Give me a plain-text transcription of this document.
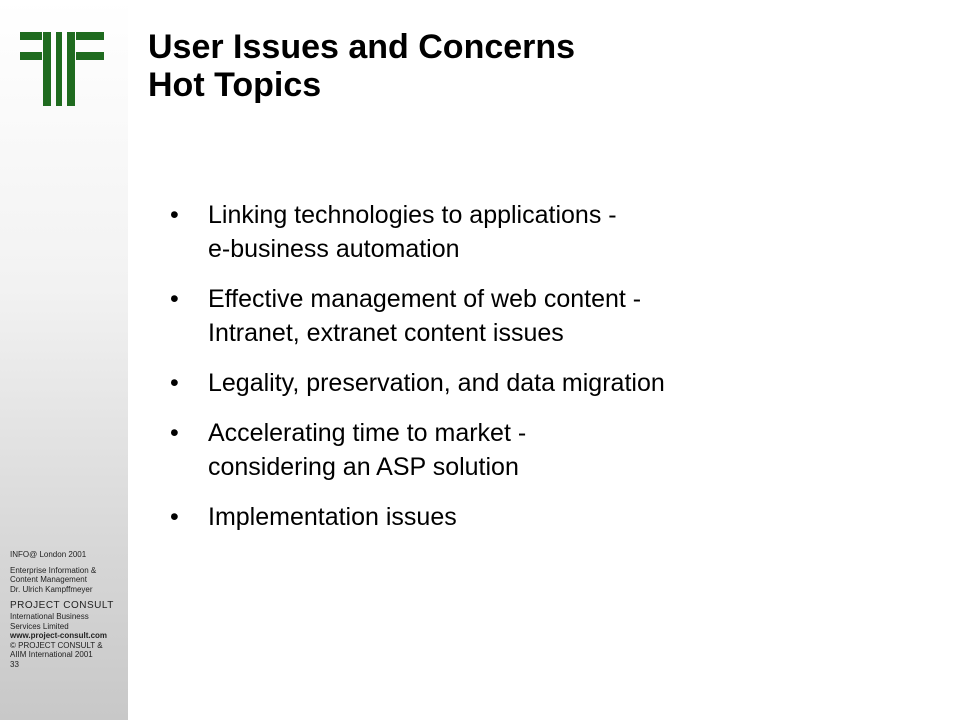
INFO@ London 2001
Enterprise Information &
Content Management
Dr. Ulrich Kampffmeyer
PROJECT CONSULT
International Business
Services Limited
www.project-consult.com
© PROJECT CONSULT &
AIIM International 2001
33
User Issues and Concerns
Hot Topics
• Linking technologies to applications -
e-business automation
• Effective management of web content -
Intranet, extranet content issues
• Legality, preservation, and data migration
• Accelerating time to market -
considering an ASP solution
• Implementation issues
